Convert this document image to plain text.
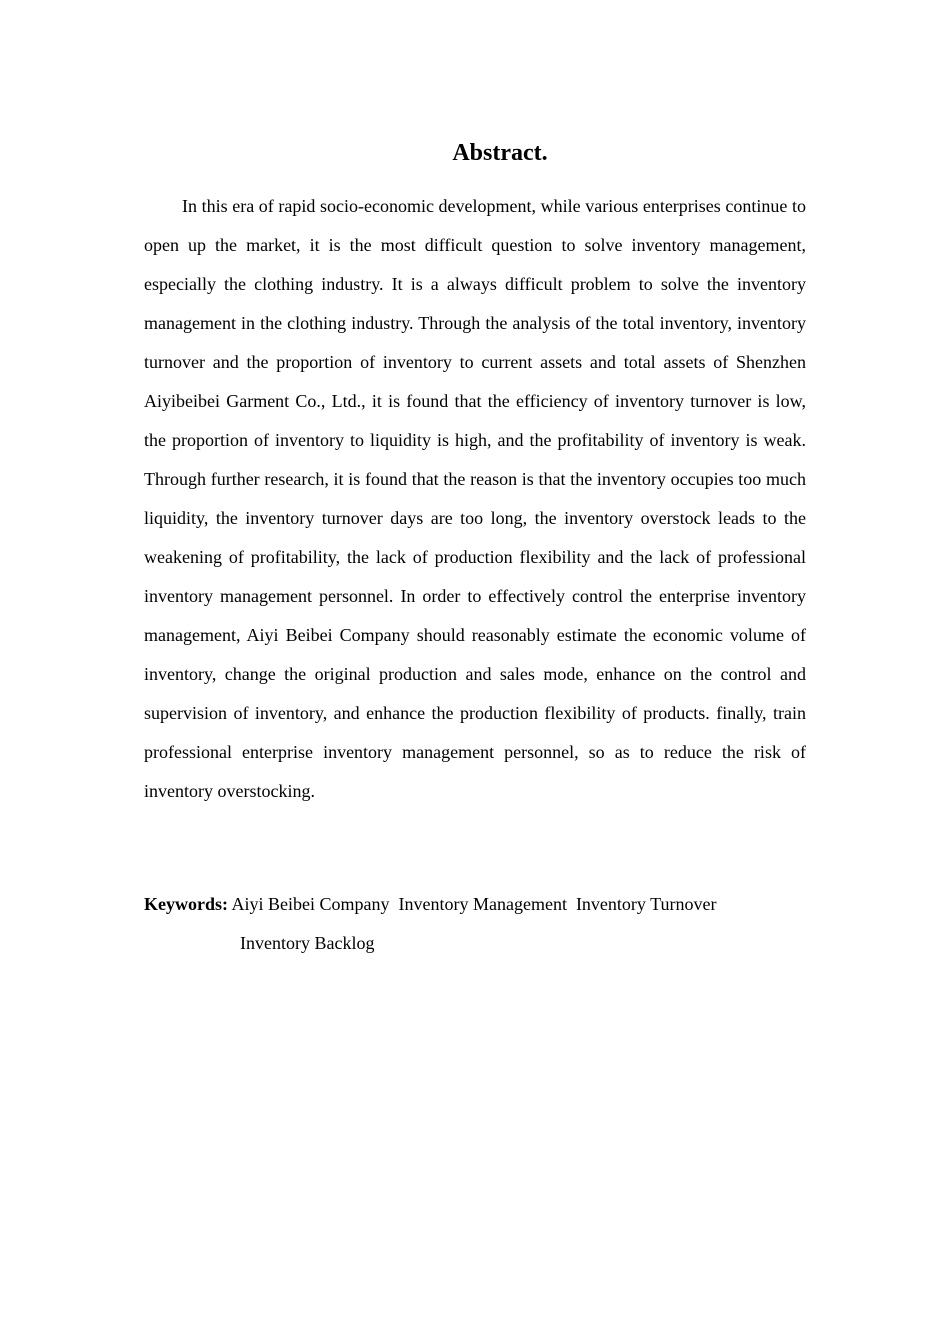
Abstract.

In this era of rapid socio-economic development, while various enterprises continue to open up the market, it is the most difficult question to solve inventory management, especially the clothing industry. It is a always difficult problem to solve the inventory management in the clothing industry. Through the analysis of the total inventory, inventory turnover and the proportion of inventory to current assets and total assets of Shenzhen Aiyibeibei Garment Co., Ltd., it is found that the efficiency of inventory turnover is low, the proportion of inventory to liquidity is high, and the profitability of inventory is weak. Through further research, it is found that the reason is that the inventory occupies too much liquidity, the inventory turnover days are too long, the inventory overstock leads to the weakening of profitability, the lack of production flexibility and the lack of professional inventory management personnel. In order to effectively control the enterprise inventory management, Aiyi Beibei Company should reasonably estimate the economic volume of inventory, change the original production and sales mode, enhance on the control and supervision of inventory, and enhance the production flexibility of products. finally, train professional enterprise inventory management personnel, so as to reduce the risk of inventory overstocking.

Keywords: Aiyi Beibei Company  Inventory Management  Inventory Turnover
Inventory Backlog
